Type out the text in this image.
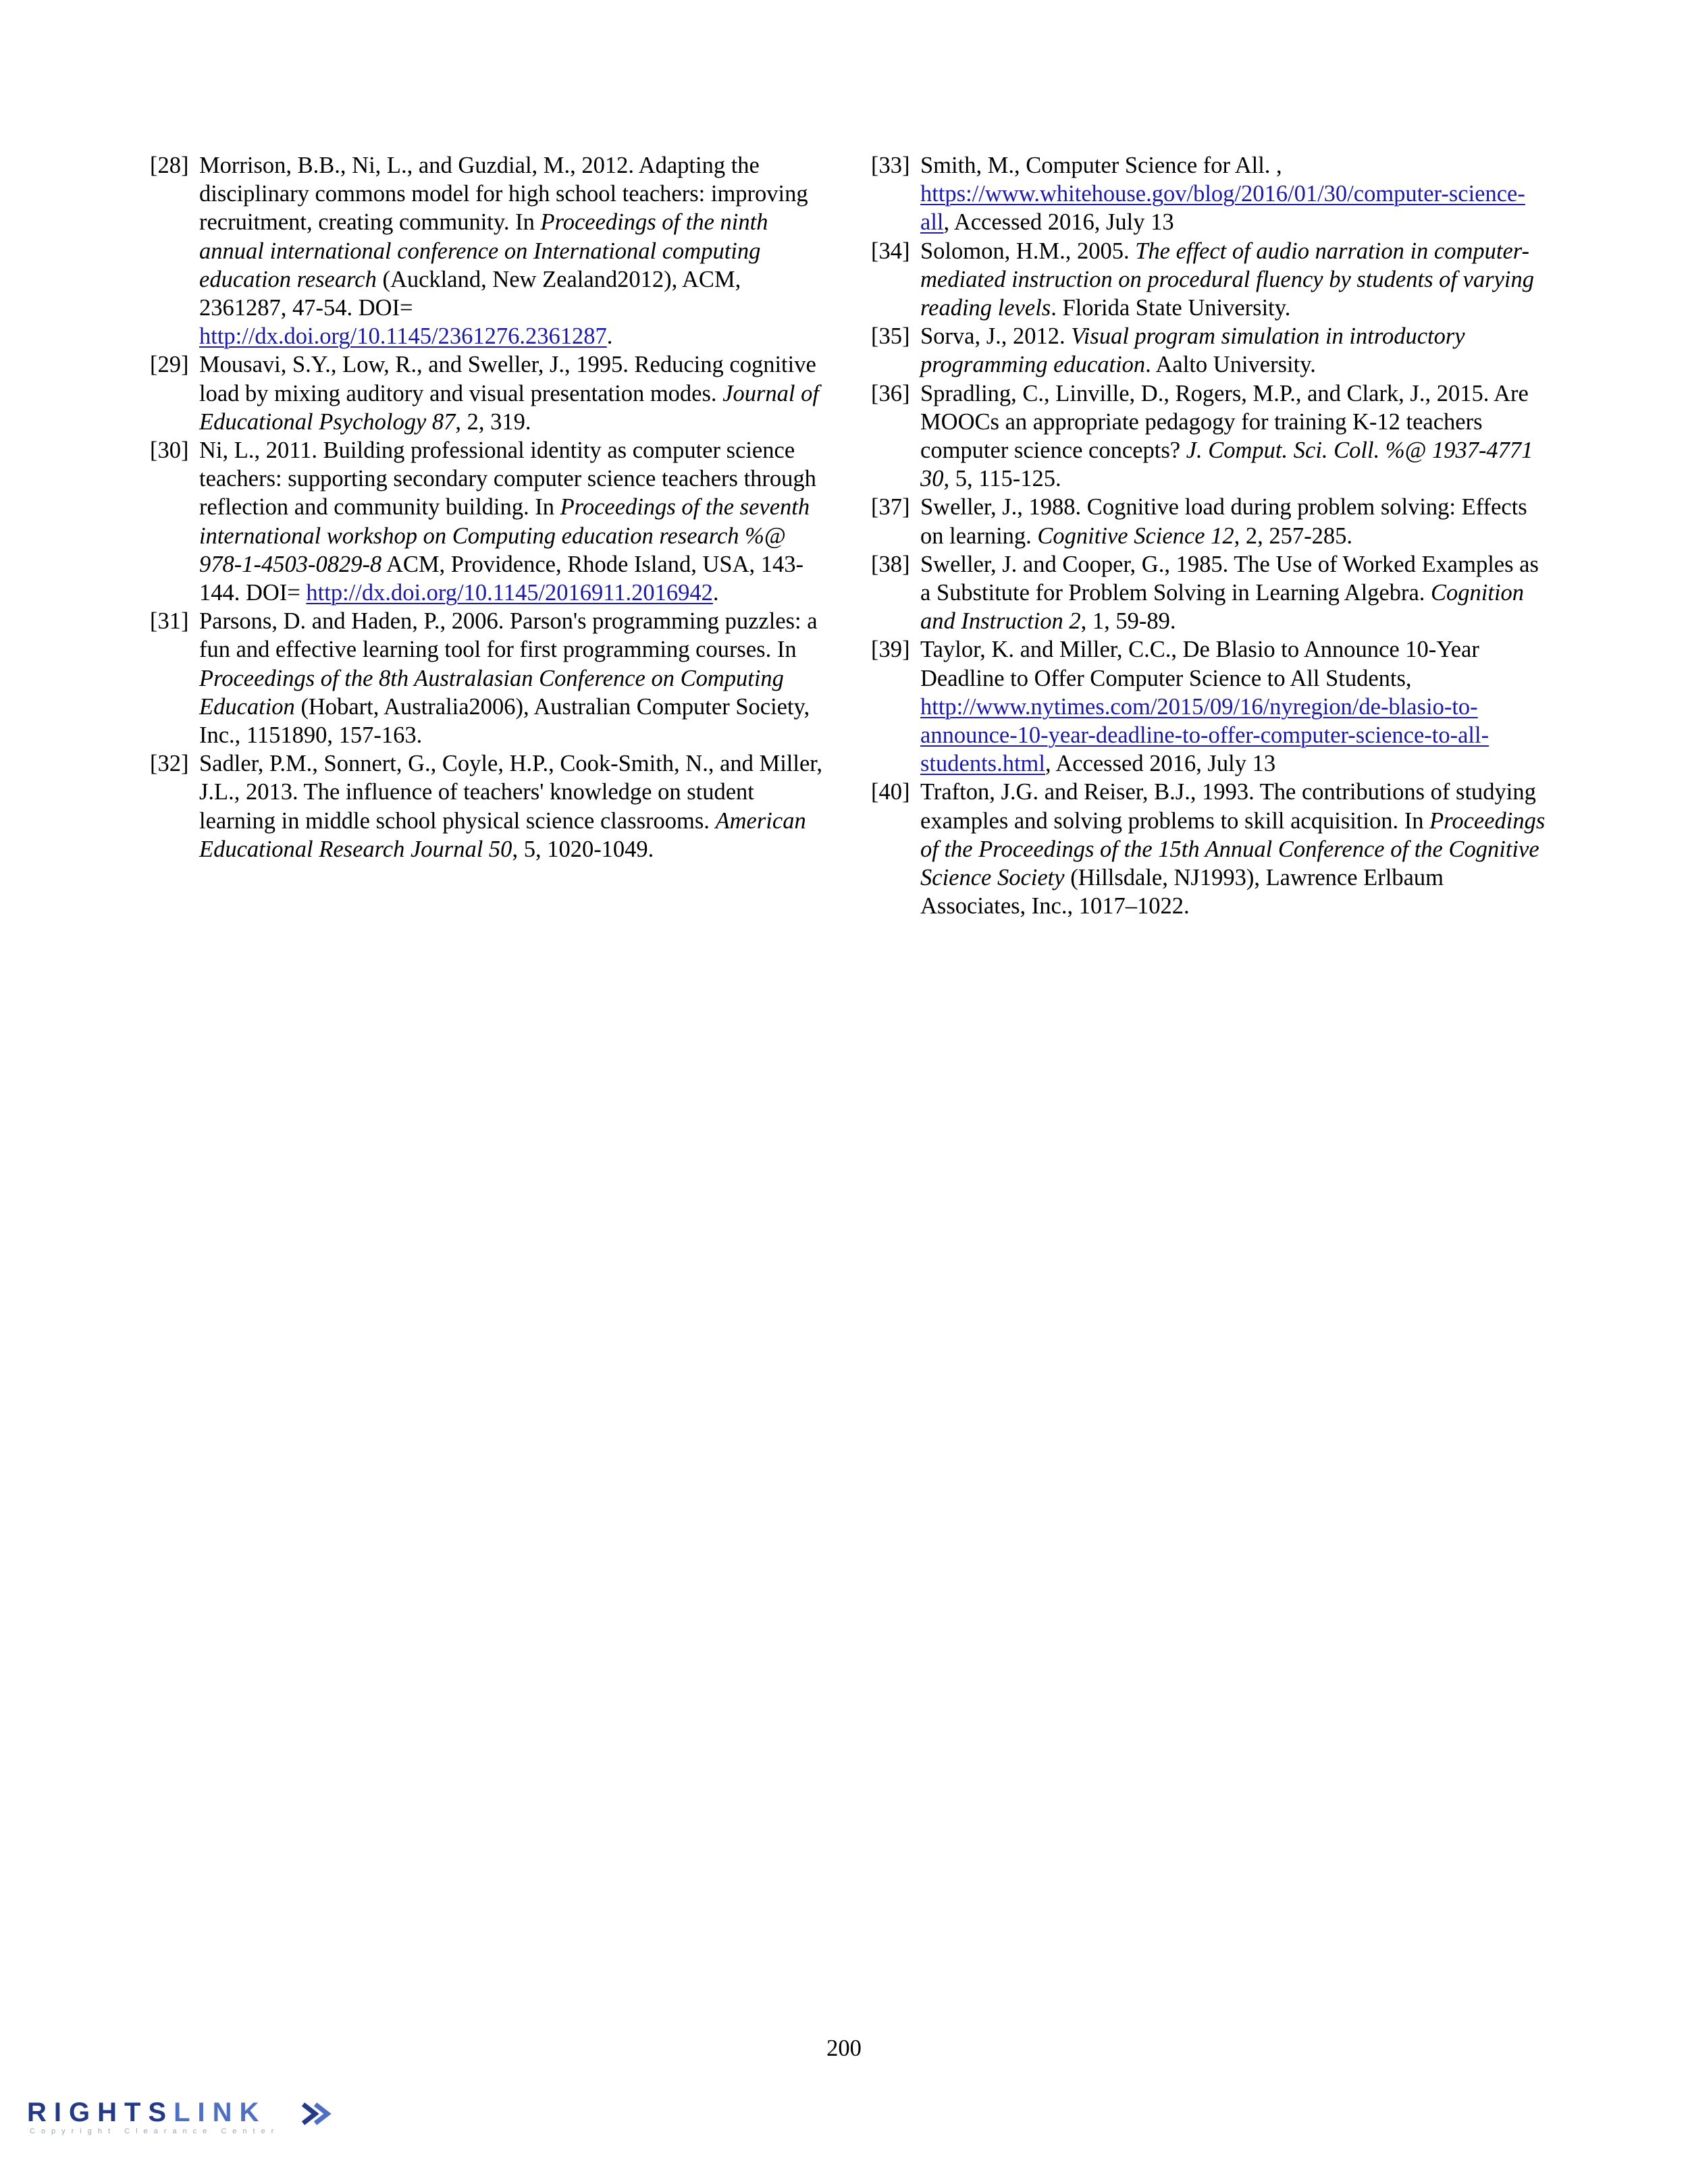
[28] Morrison, B.B., Ni, L., and Guzdial, M., 2012. Adapting the disciplinary commons model for high school teachers: improving recruitment, creating community. In Proceedings of the ninth annual international conference on International computing education research (Auckland, New Zealand2012), ACM, 2361287, 47-54. DOI= http://dx.doi.org/10.1145/2361276.2361287.
[29] Mousavi, S.Y., Low, R., and Sweller, J., 1995. Reducing cognitive load by mixing auditory and visual presentation modes. Journal of Educational Psychology 87, 2, 319.
[30] Ni, L., 2011. Building professional identity as computer science teachers: supporting secondary computer science teachers through reflection and community building. In Proceedings of the seventh international workshop on Computing education research %@ 978-1-4503-0829-8 ACM, Providence, Rhode Island, USA, 143-144. DOI= http://dx.doi.org/10.1145/2016911.2016942.
[31] Parsons, D. and Haden, P., 2006. Parson's programming puzzles: a fun and effective learning tool for first programming courses. In Proceedings of the 8th Australasian Conference on Computing Education (Hobart, Australia2006), Australian Computer Society, Inc., 1151890, 157-163.
[32] Sadler, P.M., Sonnert, G., Coyle, H.P., Cook-Smith, N., and Miller, J.L., 2013. The influence of teachers' knowledge on student learning in middle school physical science classrooms. American Educational Research Journal 50, 5, 1020-1049.
[33] Smith, M., Computer Science for All. , https://www.whitehouse.gov/blog/2016/01/30/computer-science-all, Accessed 2016, July 13
[34] Solomon, H.M., 2005. The effect of audio narration in computer-mediated instruction on procedural fluency by students of varying reading levels. Florida State University.
[35] Sorva, J., 2012. Visual program simulation in introductory programming education. Aalto University.
[36] Spradling, C., Linville, D., Rogers, M.P., and Clark, J., 2015. Are MOOCs an appropriate pedagogy for training K-12 teachers computer science concepts? J. Comput. Sci. Coll. %@ 1937-4771 30, 5, 115-125.
[37] Sweller, J., 1988. Cognitive load during problem solving: Effects on learning. Cognitive Science 12, 2, 257-285.
[38] Sweller, J. and Cooper, G., 1985. The Use of Worked Examples as a Substitute for Problem Solving in Learning Algebra. Cognition and Instruction 2, 1, 59-89.
[39] Taylor, K. and Miller, C.C., De Blasio to Announce 10-Year Deadline to Offer Computer Science to All Students, http://www.nytimes.com/2015/09/16/nyregion/de-blasio-to-announce-10-year-deadline-to-offer-computer-science-to-all-students.html, Accessed 2016, July 13
[40] Trafton, J.G. and Reiser, B.J., 1993. The contributions of studying examples and solving problems to skill acquisition. In Proceedings of the Proceedings of the 15th Annual Conference of the Cognitive Science Society (Hillsdale, NJ1993), Lawrence Erlbaum Associates, Inc., 1017–1022.
200
RIGHTSLINK
Copyright Clearance Center
